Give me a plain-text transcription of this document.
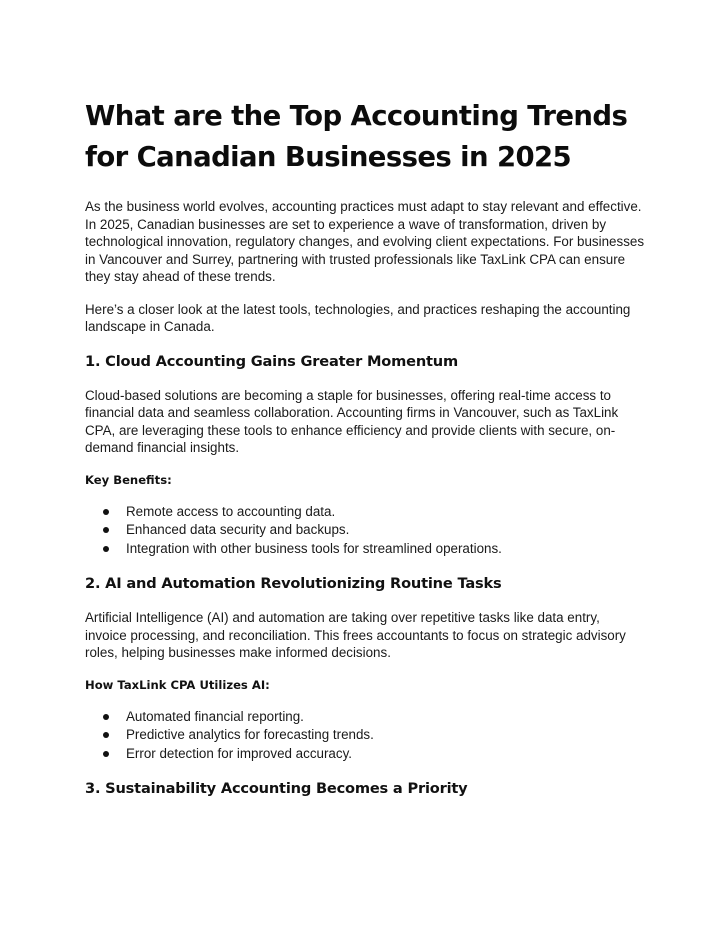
What are the Top Accounting Trends for Canadian Businesses in 2025

As the business world evolves, accounting practices must adapt to stay relevant and effective. In 2025, Canadian businesses are set to experience a wave of transformation, driven by technological innovation, regulatory changes, and evolving client expectations. For businesses in Vancouver and Surrey, partnering with trusted professionals like TaxLink CPA can ensure they stay ahead of these trends.

Here’s a closer look at the latest tools, technologies, and practices reshaping the accounting landscape in Canada.

1. Cloud Accounting Gains Greater Momentum

Cloud-based solutions are becoming a staple for businesses, offering real-time access to financial data and seamless collaboration. Accounting firms in Vancouver, such as TaxLink CPA, are leveraging these tools to enhance efficiency and provide clients with secure, on-demand financial insights.

Key Benefits:
Remote access to accounting data.
Enhanced data security and backups.
Integration with other business tools for streamlined operations.
2. AI and Automation Revolutionizing Routine Tasks

Artificial Intelligence (AI) and automation are taking over repetitive tasks like data entry, invoice processing, and reconciliation. This frees accountants to focus on strategic advisory roles, helping businesses make informed decisions.

How TaxLink CPA Utilizes AI:
Automated financial reporting.
Predictive analytics for forecasting trends.
Error detection for improved accuracy.
3. Sustainability Accounting Becomes a Priority
